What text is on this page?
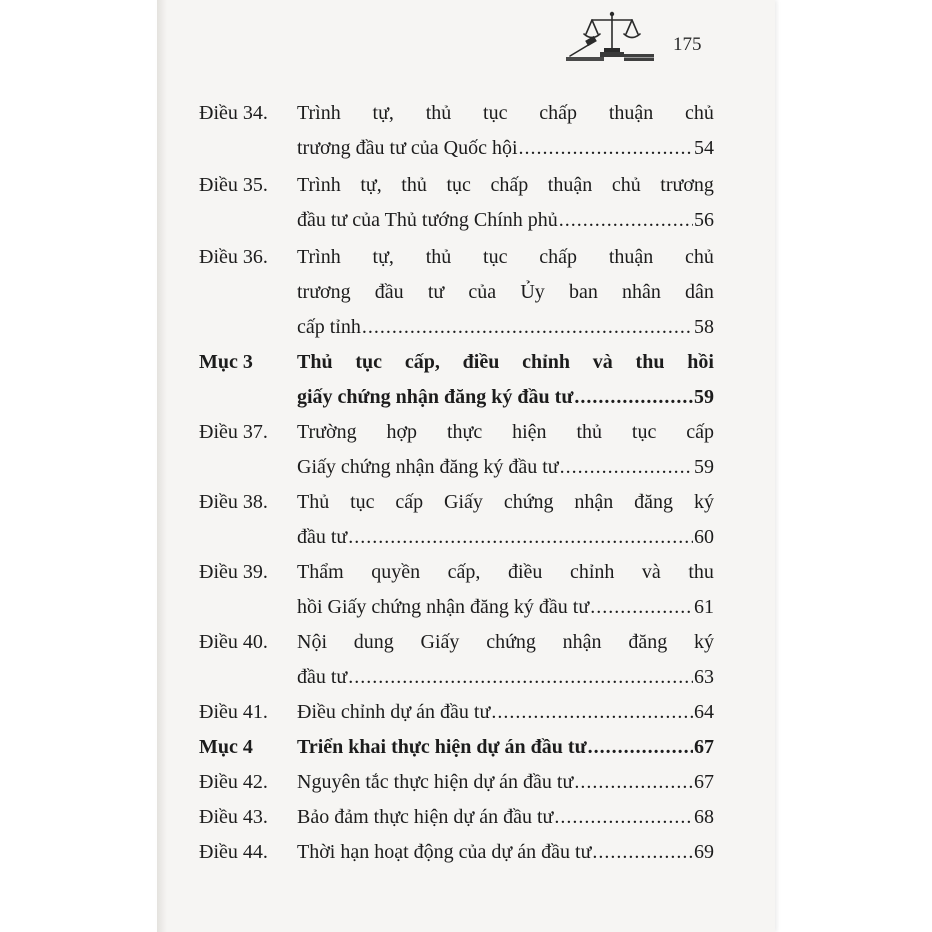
175
Điều 34.	Trình tự, thủ tục chấp thuận chủ
trương đầu tư của Quốc hội .....	54
Điều 35.	Trình tự, thủ tục chấp thuận chủ trương
đầu tư của Thủ tướng Chính phủ .....	56
Điều 36.	Trình tự, thủ tục chấp thuận chủ
trương đầu tư của Ủy ban nhân dân
cấp tỉnh .....	58
Mục 3	Thủ tục cấp, điều chỉnh và thu hồi
giấy chứng nhận đăng ký đầu tư .....	59
Điều 37.	Trường hợp thực hiện thủ tục cấp
Giấy chứng nhận đăng ký đầu tư .....	59
Điều 38.	Thủ tục cấp Giấy chứng nhận đăng ký
đầu tư .....	60
Điều 39.	Thẩm quyền cấp, điều chỉnh và thu
hồi Giấy chứng nhận đăng ký đầu tư .....	61
Điều 40.	Nội dung Giấy chứng nhận đăng ký
đầu tư .....	63
Điều 41.	Điều chỉnh dự án đầu tư .....	64
Mục 4	Triển khai thực hiện dự án đầu tư .....	67
Điều 42.	Nguyên tắc thực hiện dự án đầu tư .....	67
Điều 43.	Bảo đảm thực hiện dự án đầu tư .....	68
Điều 44.	Thời hạn hoạt động của dự án đầu tư .....	69
